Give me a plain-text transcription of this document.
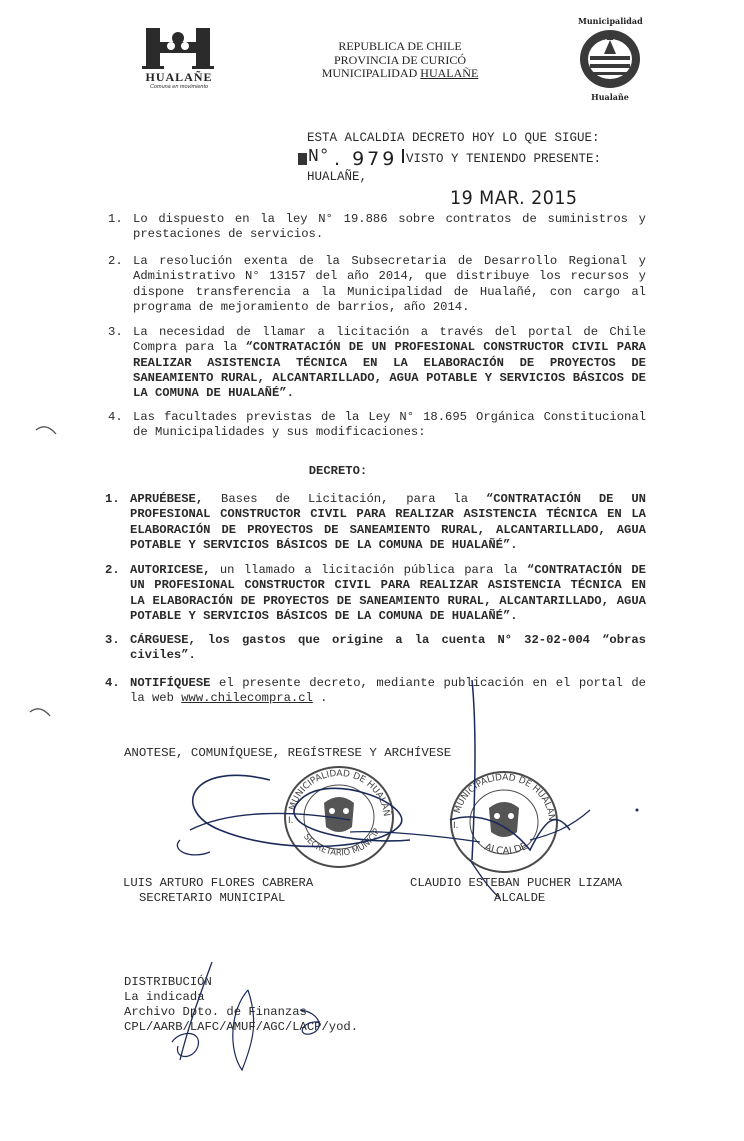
HUALAÑE
Comuna en movimiento
REPUBLICA DE CHILE
PROVINCIA DE CURICÓ
MUNICIPALIDAD HUALAÑE
Municipalidad
Hualañe
ESTA ALCALDIA DECRETO HOY LO QUE SIGUE:
N° . 979 VISTO Y TENIENDO PRESENTE:
HUALAÑE,
19 MAR. 2015
1. Lo dispuesto en la ley N° 19.886 sobre contratos de suministros y prestaciones de servicios.
2. La resolución exenta de la Subsecretaria de Desarrollo Regional y Administrativo N° 13157 del año 2014, que distribuye los recursos y dispone transferencia a la Municipalidad de Hualañé, con cargo al programa de mejoramiento de barrios, año 2014.
3. La necesidad de llamar a licitación a través del portal de Chile Compra para la “CONTRATACIÓN DE UN PROFESIONAL CONSTRUCTOR CIVIL PARA REALIZAR ASISTENCIA TÉCNICA EN LA ELABORACIÓN DE PROYECTOS DE SANEAMIENTO RURAL, ALCANTARILLADO, AGUA POTABLE Y SERVICIOS BÁSICOS DE LA COMUNA DE HUALAÑÉ”.
4. Las facultades previstas de la Ley N° 18.695 Orgánica Constitucional de Municipalidades y sus modificaciones:
DECRETO:
1. APRUÉBESE, Bases de Licitación, para la “CONTRATACIÓN DE UN PROFESIONAL CONSTRUCTOR CIVIL PARA REALIZAR ASISTENCIA TÉCNICA EN LA ELABORACIÓN DE PROYECTOS DE SANEAMIENTO RURAL, ALCANTARILLADO, AGUA POTABLE Y SERVICIOS BÁSICOS DE LA COMUNA DE HUALAÑÉ”.
2. AUTORICESE, un llamado a licitación pública para la “CONTRATACIÓN DE UN PROFESIONAL CONSTRUCTOR CIVIL PARA REALIZAR ASISTENCIA TÉCNICA EN LA ELABORACIÓN DE PROYECTOS DE SANEAMIENTO RURAL, ALCANTARILLADO, AGUA POTABLE Y SERVICIOS BÁSICOS DE LA COMUNA DE HUALAÑÉ”.
3. CÁRGUESE, los gastos que origine a la cuenta N° 32-02-004 “obras civiles”.
4. NOTIFÍQUESE el presente decreto, mediante publicación en el portal de la web www.chilecompra.cl .
ANOTESE, COMUNÍQUESE, REGÍSTRESE Y ARCHÍVESE
MUNICIPALIDAD DE HUALAÑ
SECRETARIO MUNICIP
I.
MUNICIPALIDAD DE HUALAÑ
ALCALDE
I.
LUIS ARTURO FLORES CABRERA
SECRETARIO MUNICIPAL
CLAUDIO ESTEBAN PUCHER LIZAMA
ALCALDE
DISTRIBUCIÓN
La indicada
Archivo Dpto. de Finanzas
CPL/AARB/LAFC/AMUF/AGC/LACP/yod.
